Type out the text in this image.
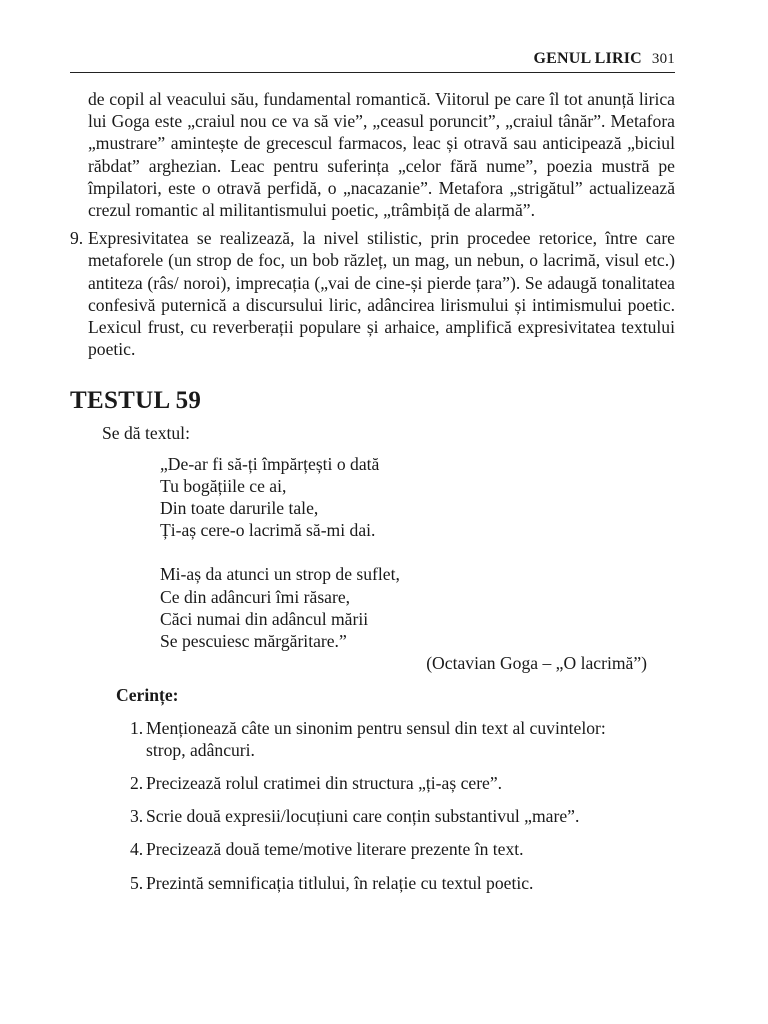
GENUL LIRIC 301

de copil al veacului său, fundamental romantică. Viitorul pe care îl tot anunță lirica lui Goga este „craiul nou ce va să vie”, „ceasul poruncit”, „craiul tânăr”. Metafora „mustrare” amintește de grecescul farmacos, leac și otravă sau anticipează „biciul răbdat” arghezian. Leac pentru suferința „celor fără nume”, poezia mustră pe împilatori, este o otravă perfidă, o „nacazanie”. Metafora „strigătul” actualizează crezul romantic al militantismului poetic, „trâmbiță de alarmă”.

9. Expresivitatea se realizează, la nivel stilistic, prin procedee retorice, între care metaforele (un strop de foc, un bob răzleț, un mag, un nebun, o lacrimă, visul etc.) antiteza (râs/ noroi), imprecația („vai de cine-și pierde țara”). Se adaugă tonalitatea confesivă puternică a discursului liric, adâncirea lirismului și intimismului poetic. Lexicul frust, cu reverberații populare și arhaice, amplifică expresivitatea textului poetic.
TESTUL 59
Se dă textul:
„De-ar fi să-ți împărțești o dată
Tu bogățiile ce ai,
Din toate darurile tale,
Ți-aș cere-o lacrimă să-mi dai.
Mi-aș da atunci un strop de suflet,
Ce din adâncuri îmi răsare,
Căci numai din adâncul mării
Se pescuiesc mărgăritare.”
(Octavian Goga – „O lacrimă”)
Cerințe:
1. Menționează câte un sinonim pentru sensul din text al cuvintelor:
strop, adâncuri.
2. Precizează rolul cratimei din structura „ți-aș cere”.
3. Scrie două expresii/locuțiuni care conțin substantivul „mare”.
4. Precizează două teme/motive literare prezente în text.
5. Prezintă semnificația titlului, în relație cu textul poetic.
